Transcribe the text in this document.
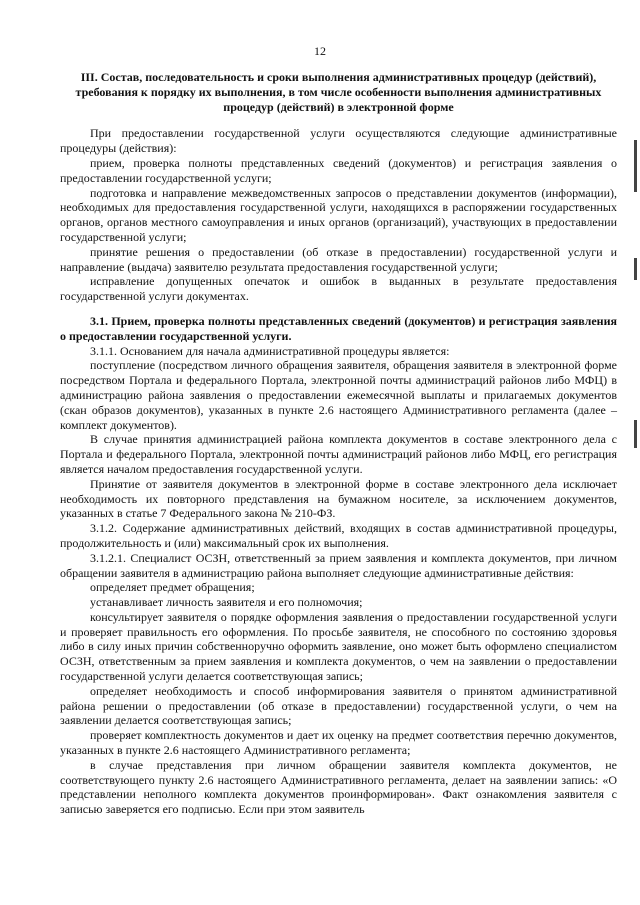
12
III. Состав, последовательность и сроки выполнения административных процедур (действий), требования к порядку их выполнения, в том числе особенности выполнения административных процедур (действий) в электронной форме

При предоставлении государственной услуги осуществляются следующие административные процедуры (действия):

прием, проверка полноты представленных сведений (документов) и регистрация заявления о предоставлении государственной услуги;

подготовка и направление межведомственных запросов о представлении документов (информации), необходимых для предоставления государственной услуги, находящихся в распоряжении государственных органов, органов местного самоуправления и иных органов (организаций), участвующих в предоставлении государственной услуги;

принятие решения о предоставлении (об отказе в предоставлении) государственной услуги и направление (выдача) заявителю результата предоставления государственной услуги;

исправление допущенных опечаток и ошибок в выданных в результате предоставления государственной услуги документах.

3.1. Прием, проверка полноты представленных сведений (документов) и регистрация заявления о предоставлении государственной услуги.

3.1.1. Основанием для начала административной процедуры является:

поступление (посредством личного обращения заявителя, обращения заявителя в электронной форме посредством Портала и федерального Портала, электронной почты администраций районов либо МФЦ) в администрацию района заявления о предоставлении ежемесячной выплаты и прилагаемых документов (скан образов документов), указанных в пункте 2.6 настоящего Административного регламента (далее – комплект документов).

В случае принятия администрацией района комплекта документов в составе электронного дела с Портала и федерального Портала, электронной почты администраций районов либо МФЦ, его регистрация является началом предоставления государственной услуги.

Принятие от заявителя документов в электронной форме в составе электронного дела исключает необходимость их повторного представления на бумажном носителе, за исключением документов, указанных в статье 7 Федерального закона № 210-ФЗ.

3.1.2. Содержание административных действий, входящих в состав административной процедуры, продолжительность и (или) максимальный срок их выполнения.

3.1.2.1. Специалист ОСЗН, ответственный за прием заявления и комплекта документов, при личном обращении заявителя в администрацию района выполняет следующие административные действия:

определяет предмет обращения;

устанавливает личность заявителя и его полномочия;

консультирует заявителя о порядке оформления заявления о предоставлении государственной услуги и проверяет правильность его оформления. По просьбе заявителя, не способного по состоянию здоровья либо в силу иных причин собственноручно оформить заявление, оно может быть оформлено специалистом ОСЗН, ответственным за прием заявления и комплекта документов, о чем на заявлении о предоставлении государственной услуги делается соответствующая запись;

определяет необходимость и способ информирования заявителя о принятом административной района решении о предоставлении (об отказе в предоставлении) государственной услуги, о чем на заявлении делается соответствующая запись;

проверяет комплектность документов и дает их оценку на предмет соответствия перечню документов, указанных в пункте 2.6 настоящего Административного регламента;

в случае представления при личном обращении заявителя комплекта документов, не соответствующего пункту 2.6 настоящего Административного регламента, делает на заявлении запись: «О представлении неполного комплекта документов проинформирован». Факт ознакомления заявителя с записью заверяется его подписью. Если при этом заявитель
